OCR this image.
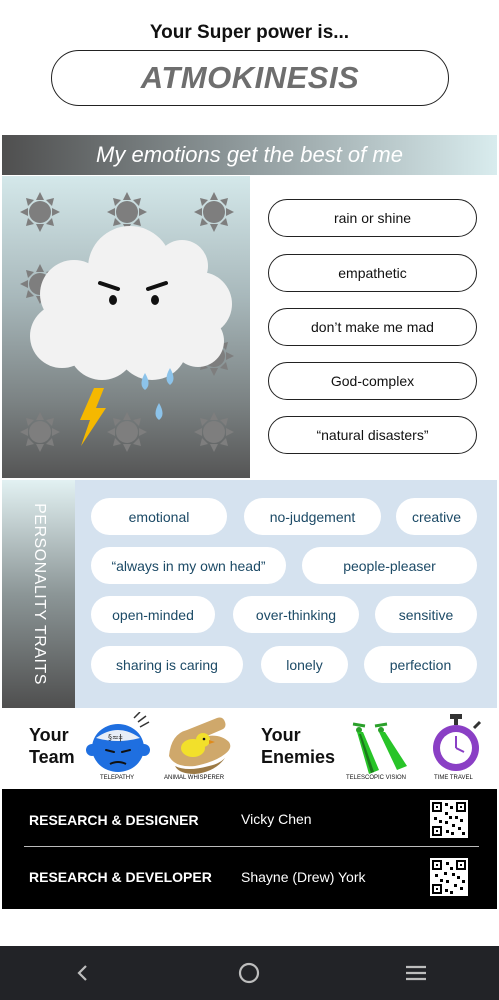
Your Super power is...
ATMOKINESIS
My emotions get the best of me
rain or shine
empathetic
don’t make me mad
God-complex
“natural disasters”
PERSONALITY TRAITS	emotional	no-judgement	creative
“always in my own head”	people-pleaser
open-minded	over-thinking	sensitive
sharing is caring	lonely	perfection
Your
Team
§≈ǂ
TELEPATHY	ANIMAL WHISPERER
Your
Enemies
TELESCOPIC VISION	TIME TRAVEL
RESEARCH & DESIGNER	Vicky Chen
RESEARCH & DEVELOPER Shayne (Drew) York
